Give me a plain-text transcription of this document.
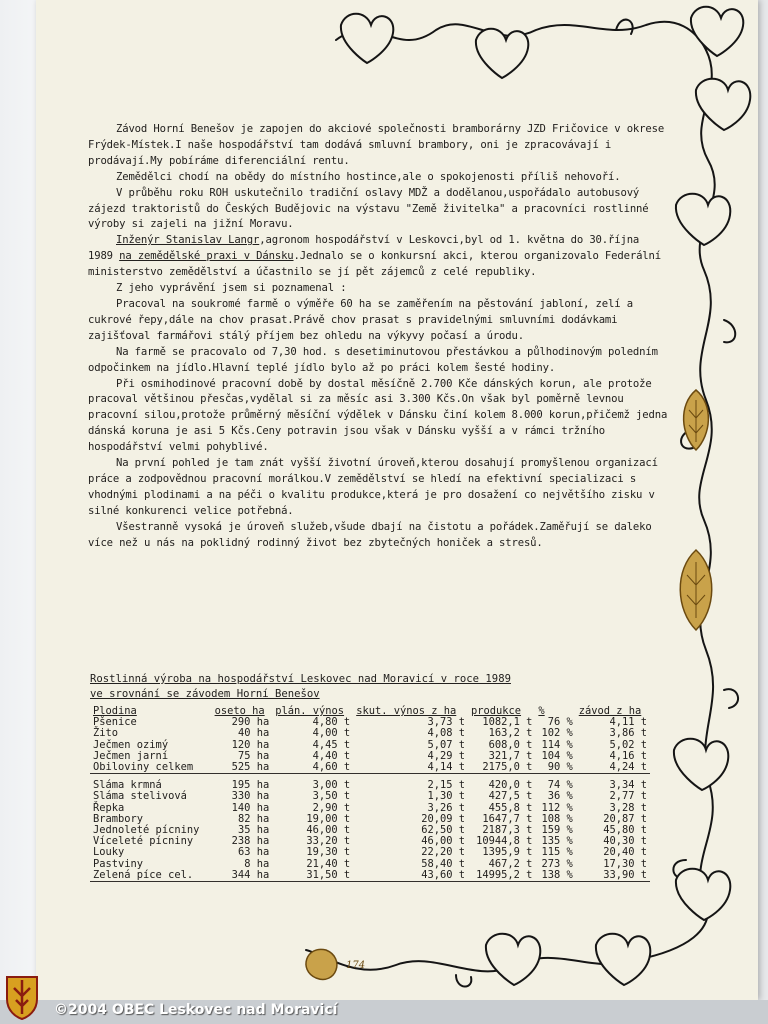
Závod Horní Benešov je zapojen do akciové společnosti bramborárny JZD Fričovice v okrese Frýdek-Místek.I naše hospodářství tam dodává smluvní brambory, oni je zpracovávají i prodávají.My pobíráme diferenciální rentu.

Zemědělci chodí na obědy do místního hostince,ale o spokojenosti příliš nehovoří.

V průběhu roku ROH uskutečnilo tradiční oslavy MDŽ a dodělanou,uspořádalo autobusový zájezd traktoristů do Českých Budějovic na výstavu "Země živitelka" a pracovníci rostlinné výroby si zajeli na jižní Moravu.

Inženýr Stanislav Langr,agronom hospodářství v Leskovci,byl od 1. května do 30.října 1989 na zemědělské praxi v Dánsku.Jednalo se o konkursní akci, kterou organizovalo Federální ministerstvo zemědělství a účastnilo se jí pět zájemců z celé republiky.

Z jeho vyprávění jsem si poznamenal :

Pracoval na soukromé farmě o výměře 60 ha se zaměřením na pěstování jabloní, zelí a cukrové řepy,dále na chov prasat.Právě chov prasat s pravidelnými smluvními dodávkami zajišťoval farmářovi stálý příjem bez ohledu na výkyvy počasí a úrodu.

Na farmě se pracovalo od 7,30 hod. s desetiminutovou přestávkou a půlhodinovým poledním odpočinkem na jídlo.Hlavní teplé jídlo bylo až po práci kolem šesté hodiny.

Při osmihodinové pracovní době by dostal měsíčně 2.700 Kče dánských korun, ale protože pracoval většinou přesčas,vydělal si za měsíc asi 3.300 Kčs.On však byl poměrně levnou pracovní silou,protože průměrný měsíční výdělek v Dánsku činí kolem 8.000 korun,přičemž jedna dánská koruna je asi 5 Kčs.Ceny potravin jsou však v Dánsku vyšší a v rámci tržního hospodářství velmi pohyblivé.

Na první pohled je tam znát vyšší životní úroveň,kterou dosahují promyšlenou organizací práce a zodpovědnou pracovní morálkou.V zemědělství se hledí na efektivní specializaci s vhodnými plodinami a na péči o kvalitu produkce,která je pro dosažení co největšího zisku v silné konkurenci velice potřebná.

Všestranně vysoká je úroveň služeb,všude dbají na čistotu a pořádek.Zaměřují se daleko více než u nás na poklidný rodinný život bez zbytečných honiček a stresů.

Rostlinná výroba na hospodářství Leskovec nad Moravicí v roce 1989
ve srovnání se závodem Horní Benešov
Plodina	oseto ha	plán. výnos	skut. výnos z ha	produkce	%	závod z ha
Pšenice	290 ha	4,80 t	3,73 t	1082,1 t	76 %	4,11 t
Žito	40 ha	4,00 t	4,08 t	163,2 t	102 %	3,86 t
Ječmen ozimý	120 ha	4,45 t	5,07 t	608,0 t	114 %	5,02 t
Ječmen jarní	75 ha	4,40 t	4,29 t	321,7 t	104 %	4,16 t
Obiloviny celkem	525 ha	4,60 t	4,14 t	2175,0 t	90 %	4,24 t

Sláma krmná	195 ha	3,00 t	2,15 t	420,0 t	74 %	3,34 t
Sláma stelivová	330 ha	3,50 t	1,30 t	427,5 t	36 %	2,77 t
Řepka	140 ha	2,90 t	3,26 t	455,8 t	112 %	3,28 t
Brambory	82 ha	19,00 t	20,09 t	1647,7 t	108 %	20,87 t
Jednoleté pícniny	35 ha	46,00 t	62,50 t	2187,3 t	159 %	45,80 t
Víceleté pícniny	238 ha	33,20 t	46,00 t	10944,8 t	135 %	40,30 t
Louky	63 ha	19,30 t	22,20 t	1395,9 t	115 %	20,40 t
Pastviny	8 ha	21,40 t	58,40 t	467,2 t	273 %	17,30 t
Zelená píce cel.	344 ha	31,50 t	43,60 t	14995,2 t	138 %	33,90 t
174
©2004 OBEC Leskovec nad Moravicí
